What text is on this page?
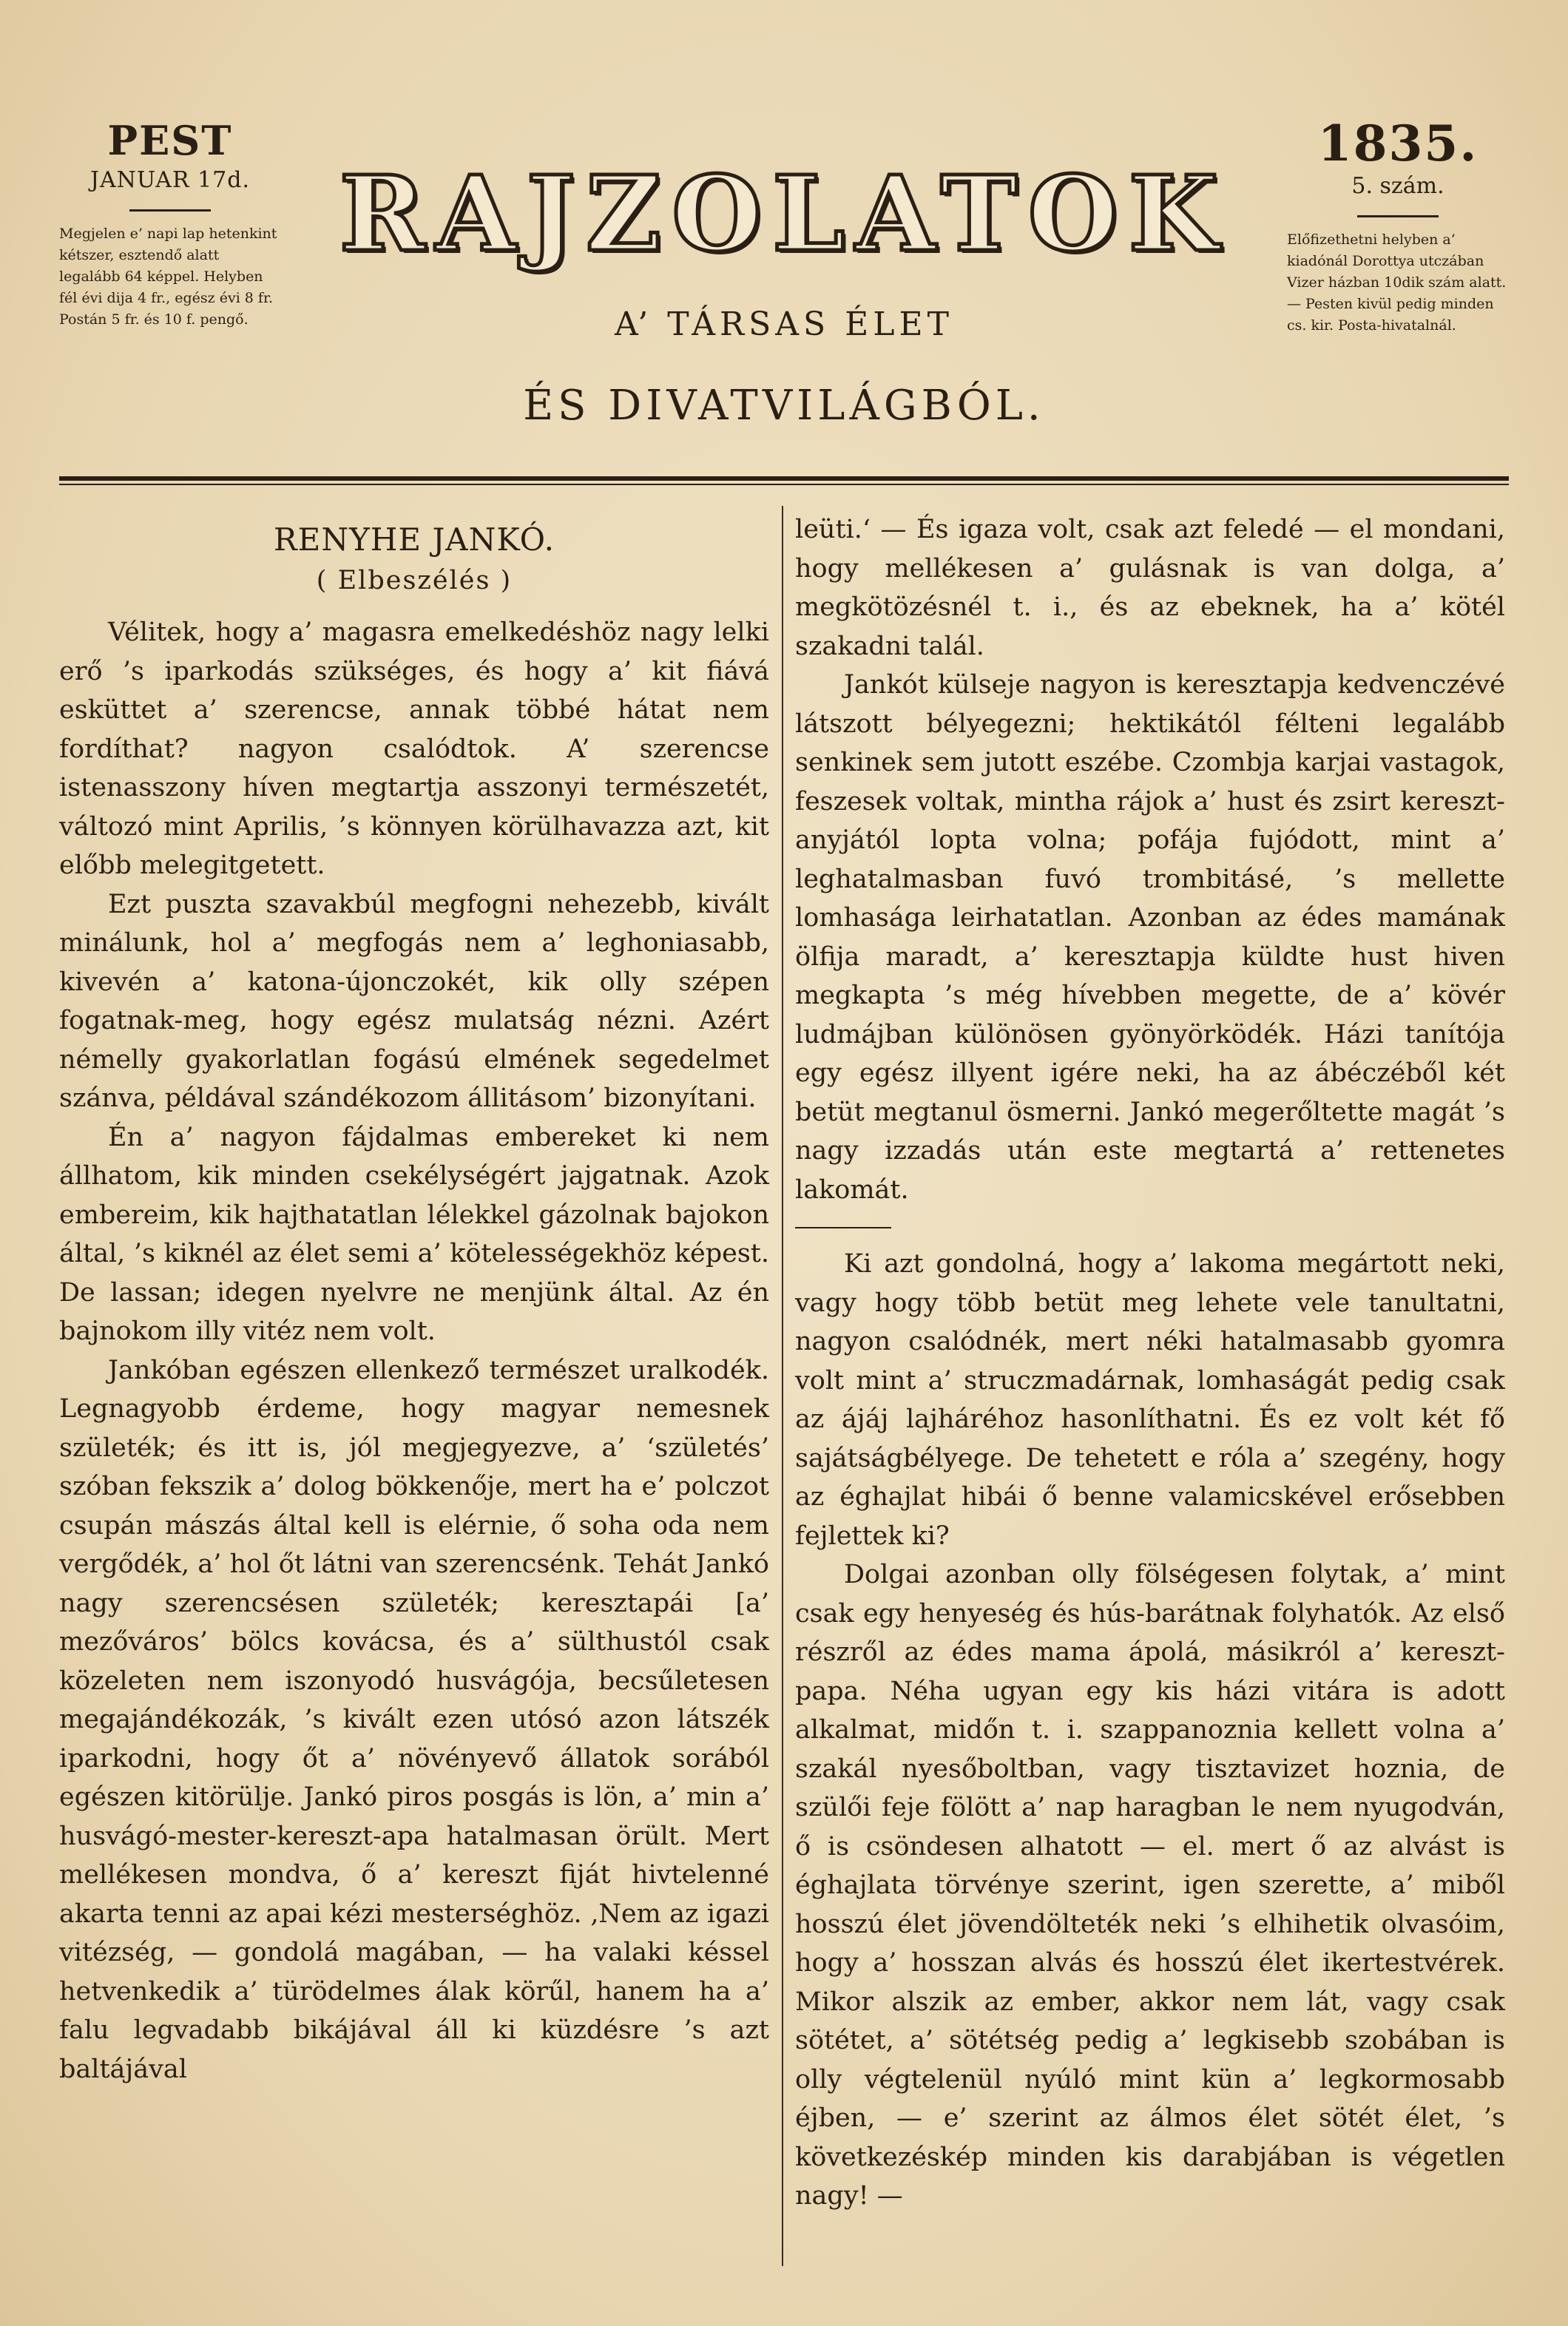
PEST

JANUAR 17d.

Megjelen e’ napi lap hetenkint kétszer, esztendő alatt legalább 64 képpel. Helyben fél évi dija 4 fr., egész évi 8 fr. Postán 5 fr. és 10 f. pengő.

RAJZOLATOK

A’ TÁRSAS ÉLET

ÉS DIVATVILÁGBÓL.

1835.

5. szám.

Előfizethetni helyben a’ kiadónál Dorottya utczában Vizer házban 10dik szám alatt. — Pesten kivül pedig minden cs. kir. Posta-hivatalnál.

RENYHE JANKÓ.

( Elbeszélés )

Vélitek, hogy a’ magasra emelkedéshöz nagy lelki erő ’s iparkodás szükséges, és hogy a’ kit fiává esküttet a’ szerencse, annak többé hátat nem fordíthat? nagyon csalódtok. A’ szerencse istenasszony híven megtartja asszonyi természetét, változó mint Aprilis, ’s könnyen körülhavazza azt, kit előbb melegitgetett.

Ezt puszta szavakbúl megfogni nehezebb, kivált minálunk, hol a’ megfogás nem a’ leghoniasabb, kivevén a’ katona-újonczokét, kik olly szépen fogatnak-meg, hogy egész mulatság nézni. Azért némelly gyakorlatlan fogású elmének segedelmet szánva, példával szándékozom állitásom’ bizonyítani.

Én a’ nagyon fájdalmas embereket ki nem állhatom, kik minden csekélységért jajgatnak. Azok embereim, kik hajthatatlan lélekkel gázolnak bajokon által, ’s kiknél az élet semi a’ kötelességekhöz képest. De lassan; idegen nyelvre ne menjünk által. Az én bajnokom illy vitéz nem volt.

Jankóban egészen ellenkező természet uralkodék. Legnagyobb érdeme, hogy magyar nemesnek születék; és itt is, jól megjegyezve, a’ ‘születés’ szóban fekszik a’ dolog bökkenője, mert ha e’ polczot csupán mászás által kell is elérnie, ő soha oda nem vergődék, a’ hol őt látni van szerencsénk. Tehát Jankó nagy szerencsésen születék; keresztapái [a’ mezőváros’ bölcs kovácsa, és a’ sülthustól csak közeleten nem iszonyodó husvágója, becsűletesen megajándékozák, ’s kivált ezen utósó azon látszék iparkodni, hogy őt a’ növényevő állatok sorából egészen kitörülje. Jankó piros posgás is lön, a’ min a’ husvágó-mester-kereszt-apa hatalmasan örült. Mert mellékesen mondva, ő a’ kereszt fiját hivtelenné akarta tenni az apai kézi mesterséghöz. ‚Nem az igazi vitézség, — gondolá magában, — ha valaki késsel hetvenkedik a’ türödelmes álak körűl, hanem ha a’ falu legvadabb bikájával áll ki küzdésre ’s azt baltájával

leüti.‘ — És igaza volt, csak azt feledé — el mondani, hogy mellékesen a’ gulásnak is van dolga, a’ megkötözésnél t. i., és az ebeknek, ha a’ kötél szakadni talál.

Jankót külseje nagyon is keresztapja kedvenczévé látszott bélyegezni; hektikától félteni legalább senkinek sem jutott eszébe. Czombja karjai vastagok, feszesek voltak, mintha rájok a’ hust és zsirt kereszt-anyjától lopta volna; pofája fujódott, mint a’ leghatalmasban fuvó trombitásé, ’s mellette lomhasága leirhatatlan. Azonban az édes mamának ölfija maradt, a’ keresztapja küldte hust hiven megkapta ’s még hívebben megette, de a’ kövér ludmájban különösen gyönyörködék. Házi tanítója egy egész illyent igére neki, ha az ábéczéből két betüt megtanul ösmerni. Jankó megerőltette magát ’s nagy izzadás után este megtartá a’ rettenetes lakomát.

Ki azt gondolná, hogy a’ lakoma megártott neki, vagy hogy több betüt meg lehete vele tanultatni, nagyon csalódnék, mert néki hatalmasabb gyomra volt mint a’ struczmadárnak, lomhaságát pedig csak az ájáj lajháréhoz hasonlíthatni. És ez volt két fő sajátságbélyege. De tehetett e róla a’ szegény, hogy az éghajlat hibái ő benne valamicskével erősebben fejlettek ki?

Dolgai azonban olly fölségesen folytak, a’ mint csak egy henyeség és hús-barátnak folyhatók. Az első részről az édes mama ápolá, másikról a’ kereszt-papa. Néha ugyan egy kis házi vitára is adott alkalmat, midőn t. i. szappanoznia kellett volna a’ szakál nyesőboltban, vagy tisztavizet hoznia, de szülői feje fölött a’ nap haragban le nem nyugodván, ő is csöndesen alhatott — el. mert ő az alvást is éghajlata törvénye szerint, igen szerette, a’ miből hosszú élet jövendölteték neki ’s elhihetik olvasóim, hogy a’ hosszan alvás és hosszú élet ikertestvérek. Mikor alszik az ember, akkor nem lát, vagy csak sötétet, a’ sötétség pedig a’ legkisebb szobában is olly végtelenül nyúló mint kün a’ legkormosabb éjben, — e’ szerint az álmos élet sötét élet, ’s következéskép minden kis darabjában is végetlen nagy! —
